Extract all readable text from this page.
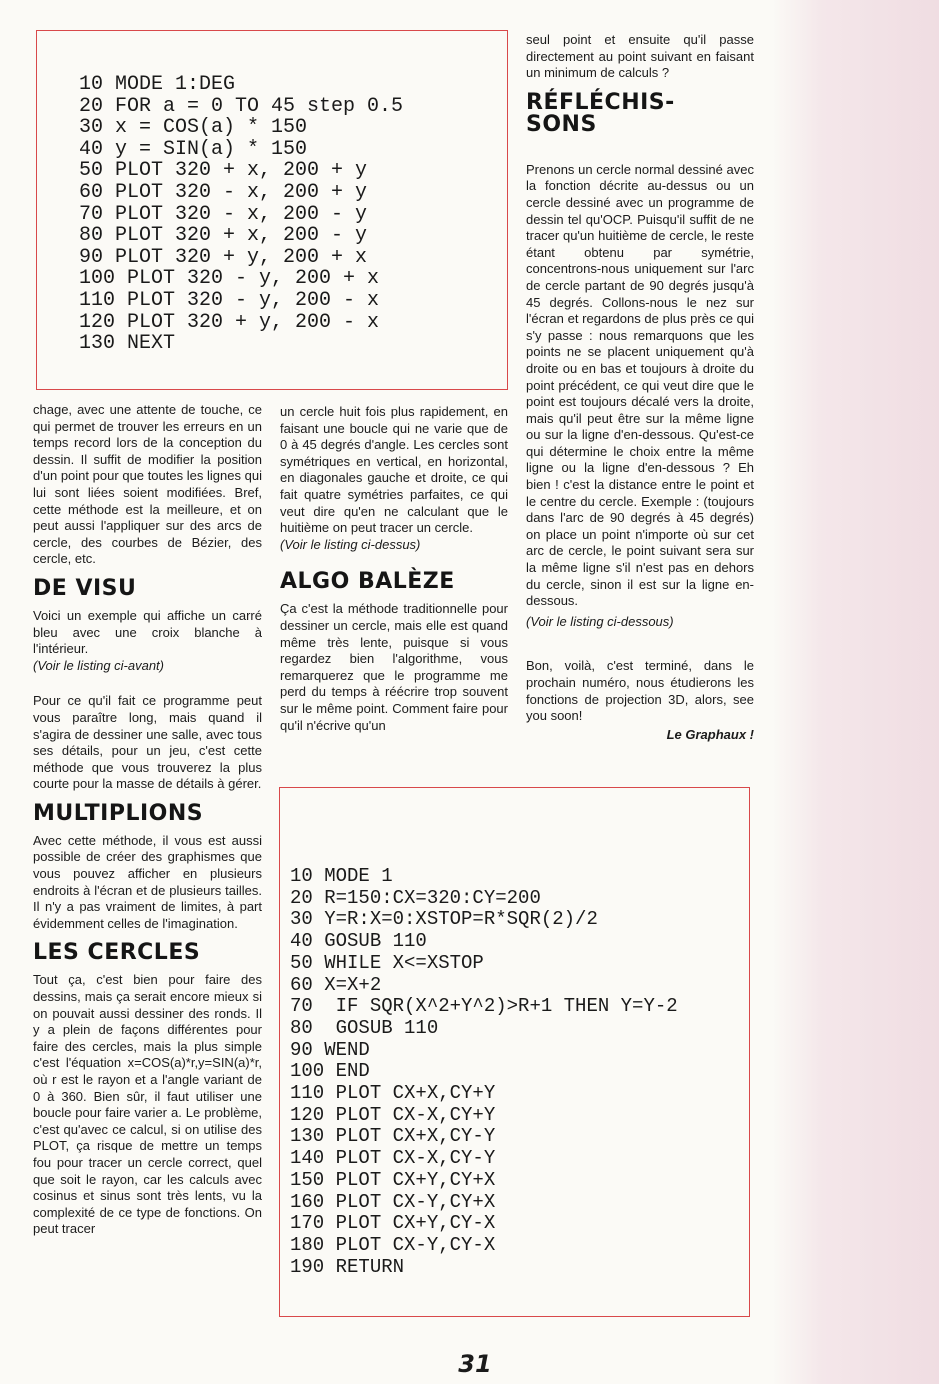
10 MODE 1:DEG
20 FOR a = 0 TO 45 step 0.5
30 x = COS(a) * 150
40 y = SIN(a) * 150
50 PLOT 320 + x, 200 + y
60 PLOT 320 - x, 200 + y
70 PLOT 320 - x, 200 - y
80 PLOT 320 + x, 200 - y
90 PLOT 320 + y, 200 + x
100 PLOT 320 - y, 200 + x
110 PLOT 320 - y, 200 - x
120 PLOT 320 + y, 200 - x
130 NEXT
10 MODE 1
20 R=150:CX=320:CY=200
30 Y=R:X=0:XSTOP=R*SQR(2)/2
40 GOSUB 110
50 WHILE X<=XSTOP
60 X=X+2
70  IF SQR(X^2+Y^2)>R+1 THEN Y=Y-2
80  GOSUB 110
90 WEND
100 END
110 PLOT CX+X,CY+Y
120 PLOT CX-X,CY+Y
130 PLOT CX+X,CY-Y
140 PLOT CX-X,CY-Y
150 PLOT CX+Y,CY+X
160 PLOT CX-Y,CY+X
170 PLOT CX+Y,CY-X
180 PLOT CX-Y,CY-X
190 RETURN

chage, avec une attente de touche, ce qui permet de trouver les erreurs en un temps record lors de la conception du dessin. Il suffit de modifier la position d'un point pour que toutes les lignes qui lui sont liées soient modifiées. Bref, cette méthode est la meilleure, et on peut aussi l'appliquer sur des arcs de cercle, des courbes de Bézier, des cercle, etc.

DE VISU

Voici un exemple qui affiche un carré bleu avec une croix blanche à l'intérieur.

(Voir le listing ci-avant)

Pour ce qu'il fait ce programme peut vous paraître long, mais quand il s'agira de dessiner une salle, avec tous ses détails, pour un jeu, c'est cette méthode que vous trouverez la plus courte pour la masse de détails à gérer.

MULTIPLIONS

Avec cette méthode, il vous est aussi possible de créer des graphismes que vous pouvez afficher en plusieurs endroits à l'écran et de plusieurs tailles. Il n'y a pas vraiment de limites, à part évidemment celles de l'imagination.

LES CERCLES

Tout ça, c'est bien pour faire des dessins, mais ça serait encore mieux si on pouvait aussi dessiner des ronds. Il y a plein de façons différentes pour faire des cercles, mais la plus simple c'est l'équation x=COS(a)*r,y=SIN(a)*r, où r est le rayon et a l'angle variant de 0 à 360. Bien sûr, il faut utiliser une boucle pour faire varier a. Le problème, c'est qu'avec ce calcul, si on utilise des PLOT, ça risque de mettre un temps fou pour tracer un cercle correct, quel que soit le rayon, car les calculs avec cosinus et sinus sont très lents, vu la complexité de ce type de fonctions. On peut tracer

un cercle huit fois plus rapidement, en faisant une boucle qui ne varie que de 0 à 45 degrés d'angle. Les cercles sont symétriques en vertical, en horizontal, en diagonales gauche et droite, ce qui fait quatre symétries parfaites, ce qui veut dire qu'en ne calculant que le huitième on peut tracer un cercle.

(Voir le listing ci-dessus)

ALGO BALÈZE

Ça c'est la méthode traditionnelle pour dessiner un cercle, mais elle est quand même très lente, puisque si vous regardez bien l'algorithme, vous remarquerez que le programme me perd du temps à réécrire trop souvent sur le même point. Comment faire pour qu'il n'écrive qu'un

seul point et ensuite qu'il passe directement au point suivant en faisant un minimum de calculs ?

RÉFLÉCHIS-SONS

Prenons un cercle normal dessiné avec la fonction décrite au-dessus ou un cercle dessiné avec un programme de dessin tel qu'OCP. Puisqu'il suffit de ne tracer qu'un huitième de cercle, le reste étant obtenu par symétrie, concentrons-nous uniquement sur l'arc de cercle partant de 90 degrés jusqu'à 45 degrés. Collons-nous le nez sur l'écran et regardons de plus près ce qui s'y passe : nous remarquons que les points ne se placent uniquement qu'à droite ou en bas et toujours à droite du point précédent, ce qui veut dire que le point est toujours décalé vers la droite, mais qu'il peut être sur la même ligne ou sur la ligne d'en-dessous. Qu'est-ce qui détermine le choix entre la même ligne ou la ligne d'en-dessous ? Eh bien ! c'est la distance entre le point et le centre du cercle. Exemple : (toujours dans l'arc de 90 degrés à 45 degrés) on place un point n'importe où sur cet arc de cercle, le point suivant sera sur la même ligne s'il n'est pas en dehors du cercle, sinon il est sur la ligne en-dessous.

(Voir le listing ci-dessous)

Bon, voilà, c'est terminé, dans le prochain numéro, nous étudierons les fonctions de projection 3D, alors, see you soon!

Le Graphaux !

31
